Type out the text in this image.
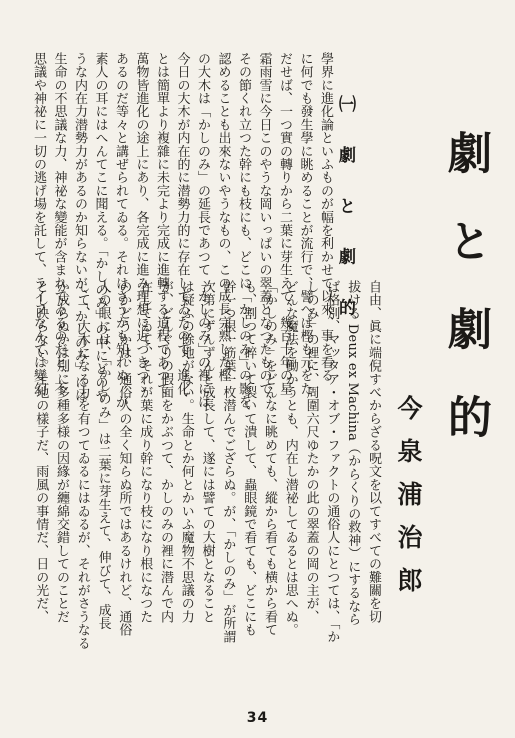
劇と劇的
今泉浦治郎
㈠ 劇 と 劇 的
學界に進化論といふものが幅を利かせて以來、事を看る
に何でも發生學に眺めることが流行で、譬へば樫も元をた
だせば、一つ實の轉りから二葉に芽生えて、幾百十年の星
霜雨雪に今日このやうな岡いっぱいの翠蓋となつたもので、
その節くれ立つた幹にも枝にも、どこに「かしのみ」の影を
認めることも出來ないやうなもの、この成長完熟した樫
の大木は「かしのみ」の延長であつて「かしのみ」の裡には
今日の大木が内在的に潜勢力的に存在してゐたので、進化
とは簡單より複雜に未完より完成に進轉する道程であつて
萬物皆進化の途上にあり、各完成に進み理想に近づきつゝ
あるのだ等々と講ぜられてゐる。それはさうかも知れぬ。が
素人の耳にはへんてこに聞える。「かしのみ」の中にどのや
うな内在力潜勢力があるのか知らないが、「かしのみ」には
生命の不思議な力、神祕な變能が含まれてゐるのだと、不
思議や神祕に一切の逃げ場を託して、ライフなんては變幻
自由、眞に端倪すべからざる呪文を以てすべての難關を切
拔ける Deux ex Machina（からくりの救神）にするなら
ば格別、マッタア・オブ・ファクトの通俗人にとつては、「か
しのみ」の裡に、周圍六尺ゆたかの此の翠蓋の岡の主が、
どんな魔法を働かうとも、内在し潜祕してゐるとは思へぬ。
「かしのみ」をどんなに眺めても、縱から看ても横から看て
も、割つて碎いて裂いて潰して、蟲眼鏡で看ても、どこにも
幹一つ根一筋葉一枚潜んでござらぬ。が、「かしのみ」が所謂
次第にずんずんと成長して、遂には譬ての大樹となること
は疑ふの餘地がない。生命とか何とかいふ魔物不思議の力
が、どんぐりの假面をかぶつて、かしのみの裡に潜んで内
在してゐて、それが葉に成り幹になり枝になり根になつた
のかどうかは、通俗人の全く知らぬ所ではあるけれど、通俗
人の眼には、「かしのみ」は二葉に芽生えて、伸びて、成長
して、大木になる力を有つてゐるにはゐるが、それがさうなる
か成らぬかは別に多種多様の因緣が纏綿交錯してのことだ
とし映らない。土地の樣子だ、雨風の事情だ、日の光だ、
34
